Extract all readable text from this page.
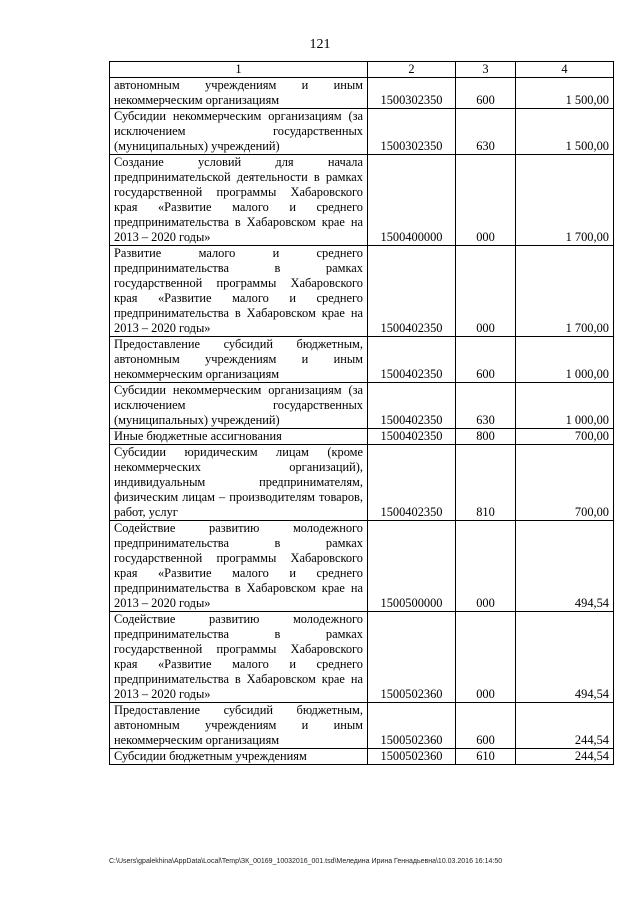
121
1	2	3	4
автономным учреждениям и иным некоммерческим организациям	1500302350	600	1 500,00
Субсидии некоммерческим организациям (за исключением государственных (муниципальных) учреждений)	1500302350	630	1 500,00
Создание условий для начала предпринимательской деятельности в рамках государственной программы Хабаровского края «Развитие малого и среднего предпринимательства в Хабаровском крае на 2013 – 2020 годы»	1500400000	000	1 700,00
Развитие малого и среднего предпринимательства в рамках государственной программы Хабаровского края «Развитие малого и среднего предпринимательства в Хабаровском крае на 2013 – 2020 годы»	1500402350	000	1 700,00
Предоставление субсидий бюджетным, автономным учреждениям и иным некоммерческим организациям	1500402350	600	1 000,00
Субсидии некоммерческим организациям (за исключением государственных (муниципальных) учреждений)	1500402350	630	1 000,00
Иные бюджетные ассигнования	1500402350	800	700,00
Субсидии юридическим лицам (кроме некоммерческих организаций), индивидуальным предпринимателям, физическим лицам – производителям товаров, работ, услуг	1500402350	810	700,00
Содействие развитию молодежного предпринимательства в рамках государственной программы Хабаровского края «Развитие малого и среднего предпринимательства в Хабаровском крае на 2013 – 2020 годы»	1500500000	000	494,54
Содействие развитию молодежного предпринимательства в рамках государственной программы Хабаровского края «Развитие малого и среднего предпринимательства в Хабаровском крае на 2013 – 2020 годы»	1500502360	000	494,54
Предоставление субсидий бюджетным, автономным учреждениям и иным некоммерческим организациям	1500502360	600	244,54
Субсидии бюджетным учреждениям	1500502360	610	244,54
C:\Users\gpalekhina\AppData\Local\Temp\ЗК_00169_10032016_001.tsd\Меледина Ирина Геннадьевна\10.03.2016 16:14:50
